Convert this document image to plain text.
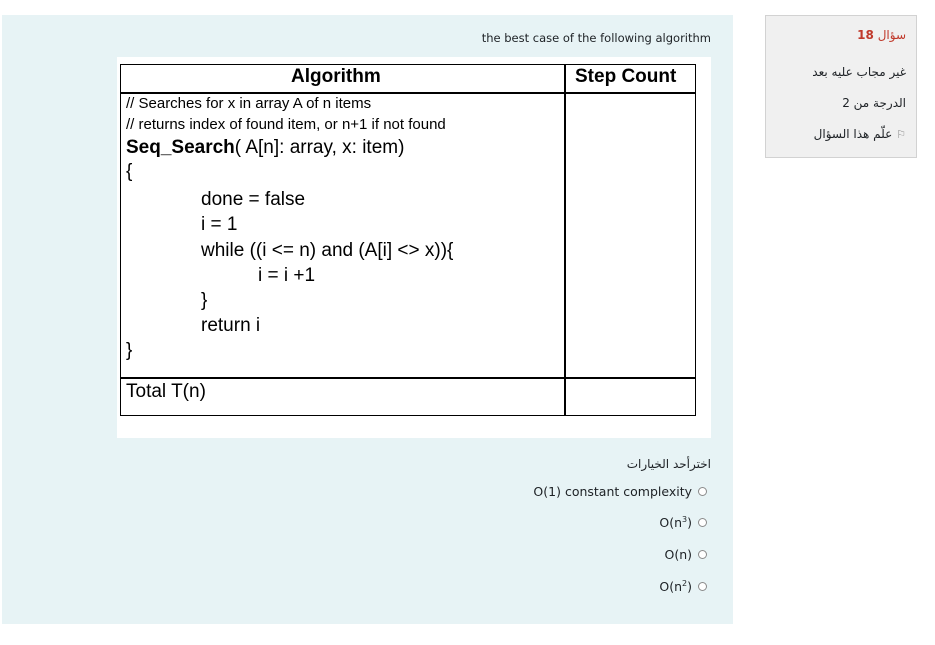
the best case of the following algorithm
Algorithm	Step Count
// Searches for x in array A of n items
// returns index of found item, or n+1 if not found
Seq_Search( A[n]: array, x: item)
{
done = false
i = 1
while ((i <= n) and (A[i] <> x)){
i = i +1
}
return i
}
Total T(n)
اخترأحد الخيارات
O(1) constant complexity
$O(n^3)$
O(n)
$O(n^2)$
سؤال 18
غير مجاب عليه بعد
الدرجة من 2
⚐ علّم هذا السؤال
